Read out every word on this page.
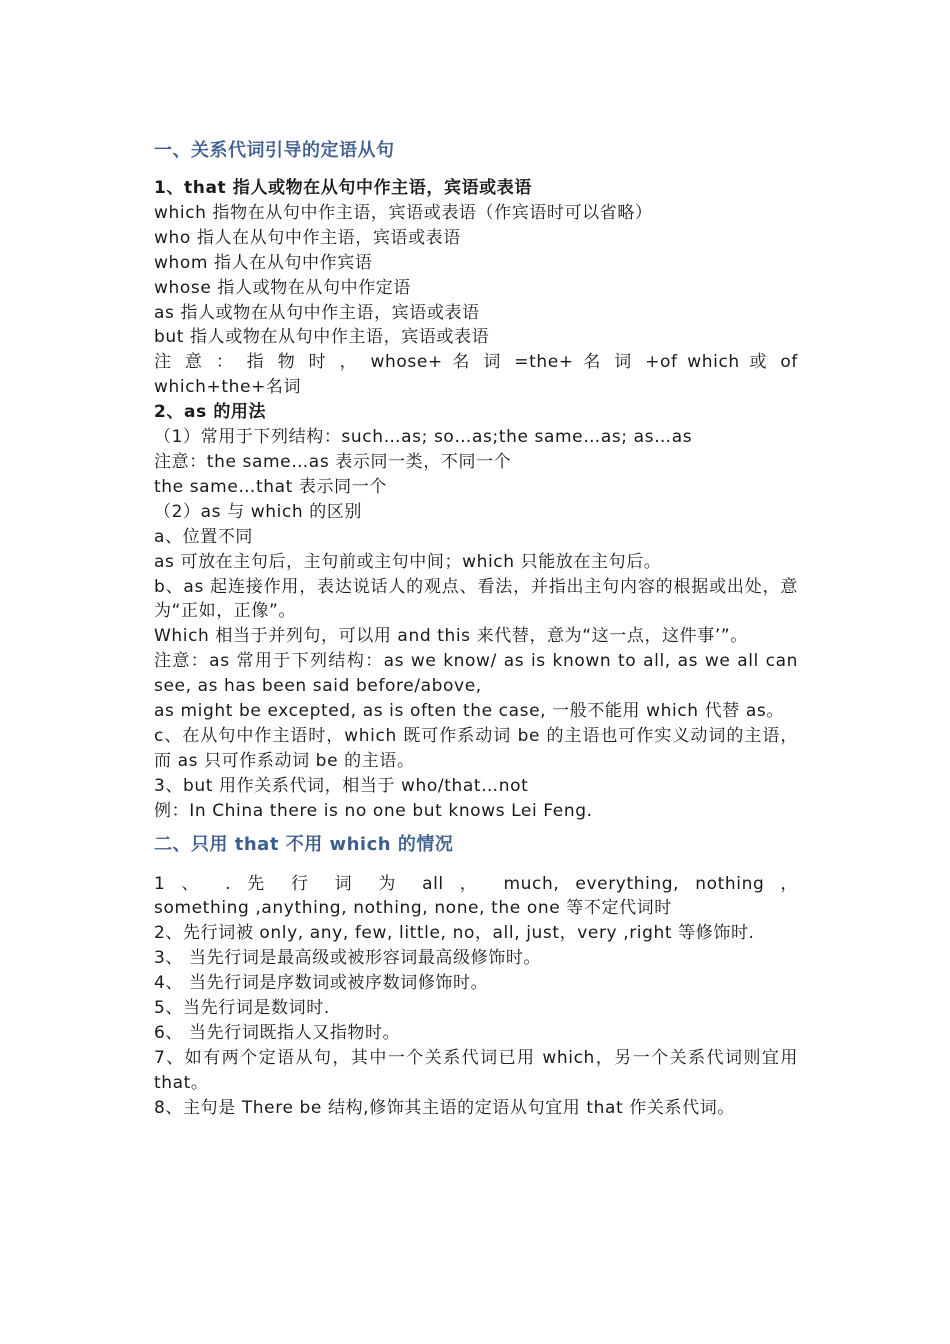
一、关系代词引导的定语从句

1、that 指人或物在从句中作主语，宾语或表语

which 指物在从句中作主语，宾语或表语（作宾语时可以省略）

who 指人在从句中作主语，宾语或表语

whom 指人在从句中作宾语

whose 指人或物在从句中作定语

as 指人或物在从句中作主语，宾语或表语

but 指人或物在从句中作主语，宾语或表语

注 意 ： 指 物 时 ， whose+ 名 词 =the+ 名 词 +of which 或 of

which+the+名词

2、as 的用法

（1）常用于下列结构：such…as; so…as;the same…as; as…as

注意：the same…as 表示同一类，不同一个

the same…that 表示同一个

（2）as 与 which 的区别

a、位置不同

as 可放在主句后，主句前或主句中间；which 只能放在主句后。

b、as 起连接作用，表达说话人的观点、看法，并指出主句内容的根据或出处，意为“正如，正像”。

Which 相当于并列句，可以用 and this 来代替，意为“这一点，这件事’”。

注意：as 常用于下列结构：as we know/ as is known to all, as we all can see, as has been said before/above,

as might be excepted, as is often the case, 一般不能用 which 代替 as。

c、在从句中作主语时，which 既可作系动词 be 的主语也可作实义动词的主语，而 as 只可作系动词 be 的主语。

3、but 用作关系代词，相当于 who/that…not

例：In China there is no one but knows Lei Feng.

二、只用 that 不用 which 的情况

1 、 . 先 行 词 为 all ， much, everything, nothing ，

something ,anything, nothing, none, the one 等不定代词时

2、先行词被 only, any, few, little, no，all, just，very ,right 等修饰时.

3、 当先行词是最高级或被形容词最高级修饰时。

4、 当先行词是序数词或被序数词修饰时。

5、当先行词是数词时.

6、 当先行词既指人又指物时。

7、如有两个定语从句，其中一个关系代词已用 which，另一个关系代词则宜用 that。

8、主句是 There be 结构,修饰其主语的定语从句宜用 that 作关系代词。
